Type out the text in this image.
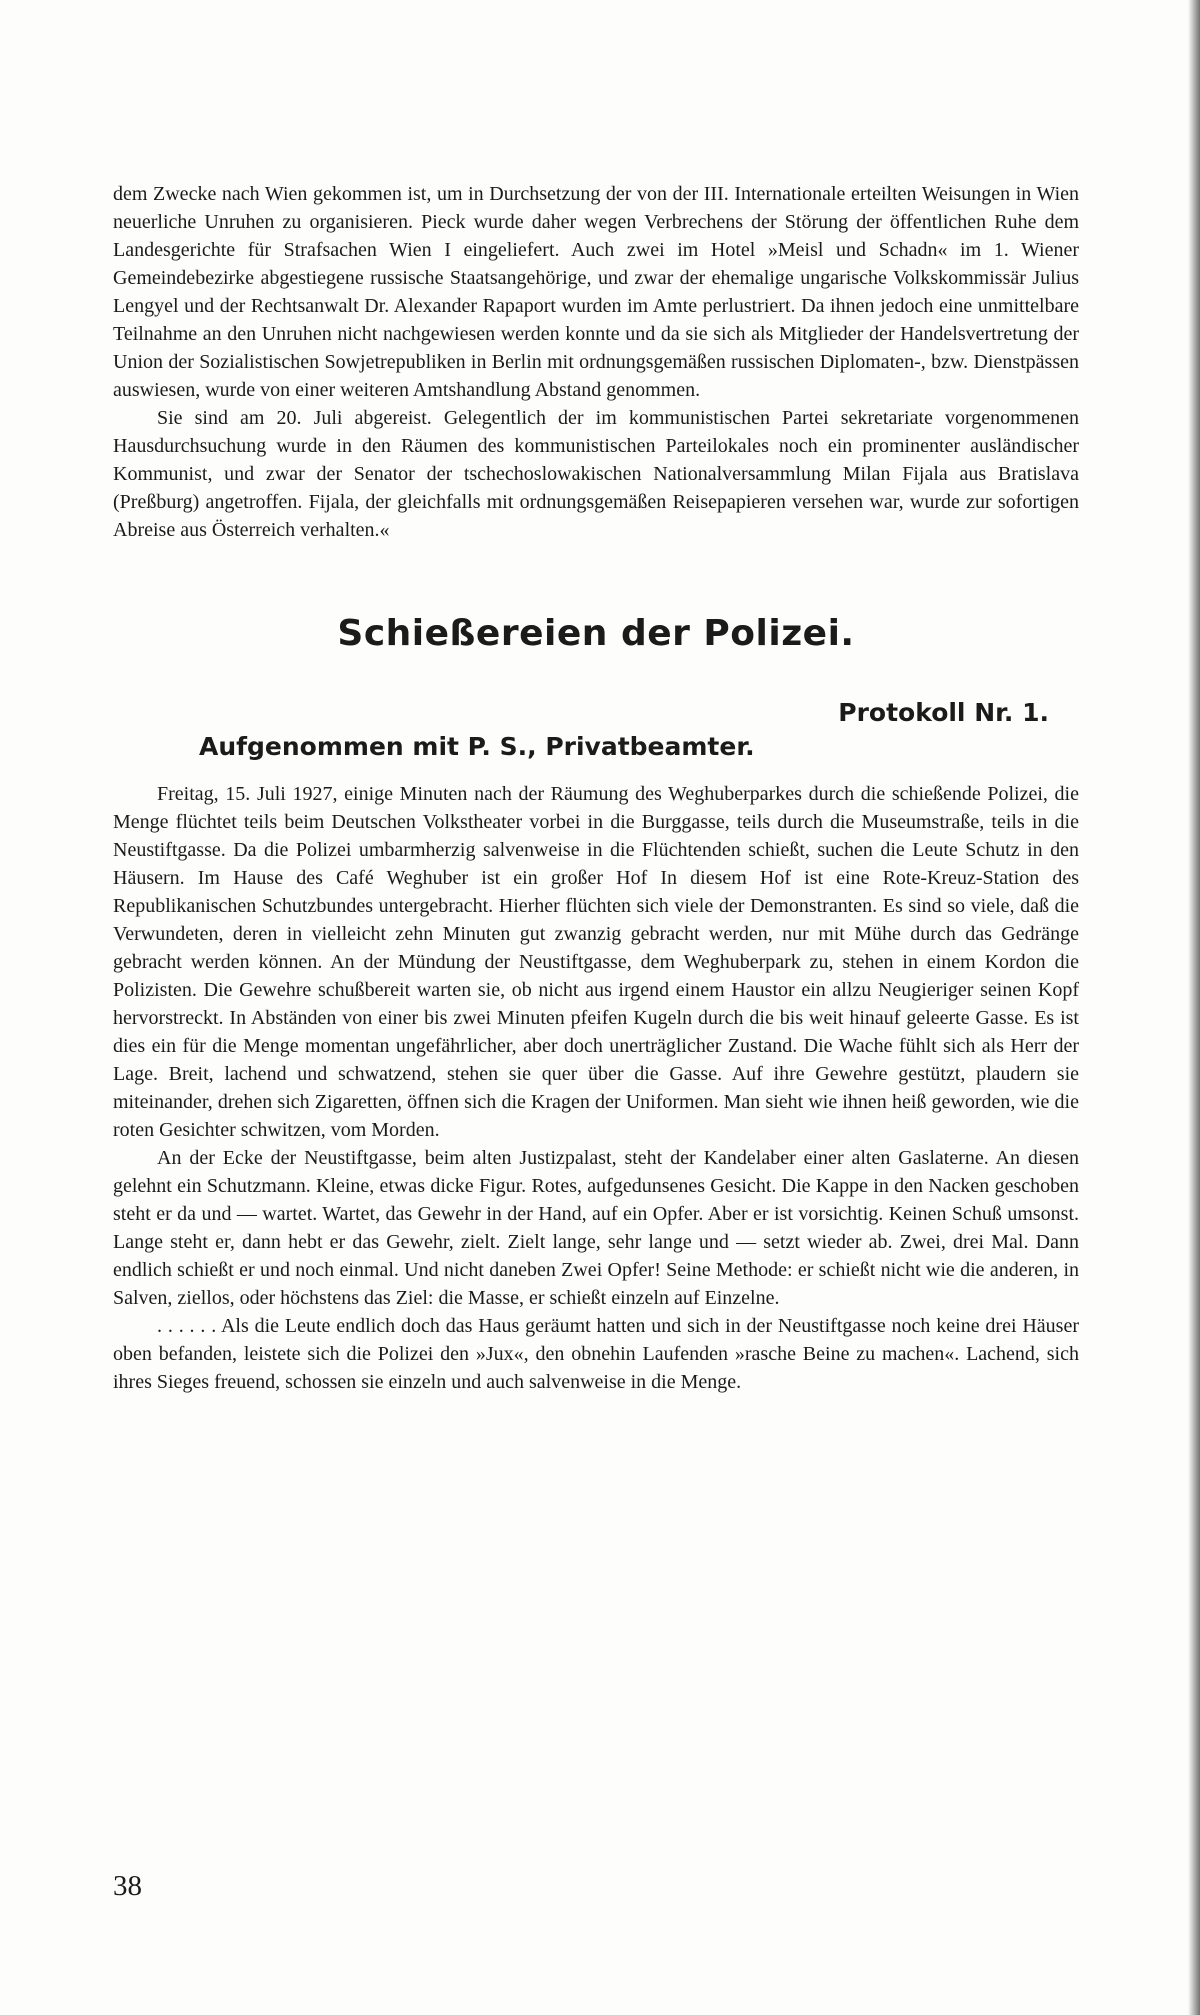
dem Zwecke nach Wien gekommen ist, um in Durchsetzung der von der III. Internationale erteilten Weisungen in Wien neuerliche Unruhen zu organisieren. Pieck wurde daher wegen Verbrechens der Störung der öffentlichen Ruhe dem Landesgerichte für Strafsachen Wien I eingeliefert. Auch zwei im Hotel »Meisl und Schadn« im 1. Wiener Gemeindebezirke abgestiegene russische Staatsangehörige, und zwar der ehemalige ungarische Volkskommissär Julius Lengyel und der Rechtsanwalt Dr. Alexander Rapaport wurden im Amte perlustriert. Da ihnen jedoch eine unmittelbare Teilnahme an den Unruhen nicht nachgewiesen werden konnte und da sie sich als Mitglieder der Handelsvertretung der Union der Sozialistischen Sowjetrepubliken in Berlin mit ordnungsgemäßen russischen Diplomaten-, bzw. Dienstpässen auswiesen, wurde von einer weiteren Amtshandlung Abstand genommen.

Sie sind am 20. Juli abgereist. Gelegentlich der im kommunistischen Partei sekretariate vorgenommenen Hausdurchsuchung wurde in den Räumen des kommunistischen Parteilokales noch ein prominenter ausländischer Kommunist, und zwar der Senator der tschechoslowakischen Nationalversammlung Milan Fijala aus Bratislava (Preßburg) angetroffen. Fijala, der gleichfalls mit ordnungsgemäßen Reisepapieren versehen war, wurde zur sofortigen Abreise aus Österreich verhalten.«

Schießereien der Polizei.
Protokoll Nr. 1.
Aufgenommen mit P. S., Privatbeamter.

Freitag, 15. Juli 1927, einige Minuten nach der Räumung des Weghuberparkes durch die schießende Polizei, die Menge flüchtet teils beim Deutschen Volkstheater vorbei in die Burggasse, teils durch die Museumstraße, teils in die Neustiftgasse. Da die Polizei umbarmherzig salvenweise in die Flüchtenden schießt, suchen die Leute Schutz in den Häusern. Im Hause des Café Weghuber ist ein großer Hof In diesem Hof ist eine Rote-Kreuz-Station des Republikanischen Schutzbundes untergebracht. Hierher flüchten sich viele der Demonstranten. Es sind so viele, daß die Verwundeten, deren in vielleicht zehn Minuten gut zwanzig gebracht werden, nur mit Mühe durch das Gedränge gebracht werden können. An der Mündung der Neustiftgasse, dem Weghuberpark zu, stehen in einem Kordon die Polizisten. Die Gewehre schußbereit warten sie, ob nicht aus irgend einem Haustor ein allzu Neugieriger seinen Kopf hervorstreckt. In Abständen von einer bis zwei Minuten pfeifen Kugeln durch die bis weit hinauf geleerte Gasse. Es ist dies ein für die Menge momentan ungefährlicher, aber doch unerträglicher Zustand. Die Wache fühlt sich als Herr der Lage. Breit, lachend und schwatzend, stehen sie quer über die Gasse. Auf ihre Gewehre gestützt, plaudern sie miteinander, drehen sich Zigaretten, öffnen sich die Kragen der Uniformen. Man sieht wie ihnen heiß geworden, wie die roten Gesichter schwitzen, vom Morden.

An der Ecke der Neustiftgasse, beim alten Justizpalast, steht der Kandelaber einer alten Gaslaterne. An diesen gelehnt ein Schutzmann. Kleine, etwas dicke Figur. Rotes, aufgedunsenes Gesicht. Die Kappe in den Nacken geschoben steht er da und — wartet. Wartet, das Gewehr in der Hand, auf ein Opfer. Aber er ist vorsichtig. Keinen Schuß umsonst. Lange steht er, dann hebt er das Gewehr, zielt. Zielt lange, sehr lange und — setzt wieder ab. Zwei, drei Mal. Dann endlich schießt er und noch einmal. Und nicht daneben Zwei Opfer! Seine Methode: er schießt nicht wie die anderen, in Salven, ziellos, oder höchstens das Ziel: die Masse, er schießt einzeln auf Einzelne.

. . . . . . Als die Leute endlich doch das Haus geräumt hatten und sich in der Neustiftgasse noch keine drei Häuser oben befanden, leistete sich die Polizei den »Jux«, den obnehin Laufenden »rasche Beine zu machen«. Lachend, sich ihres Sieges freuend, schossen sie einzeln und auch salvenweise in die Menge.

38
